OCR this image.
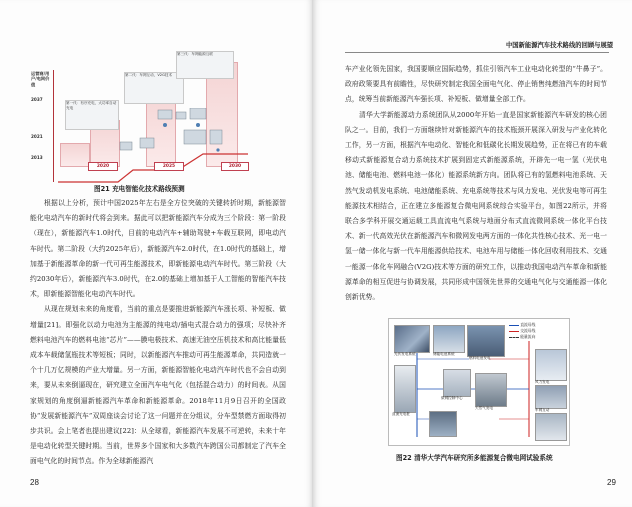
运营商/用户/电网价值
2037
2021
2013
第一代：有序充电，大功率自动充电
第二代：车网互动，V2G技术
第三代：车网能源互联
2020	2025	2030
图21 充电智能化技术路线预测

根据以上分析，预计中国2025年左右是全方位突破的关键转折时期，新能源智能化电动汽车的新时代将会到来。据此可以把新能源汽车分成为三个阶段：第一阶段（现在），新能源汽车1.0时代，目前的电动汽车+辅助驾驶+车载互联网，即电动汽车时代。第二阶段（大约2025年后），新能源汽车2.0时代，在1.0时代的基础上，增加基于新能源革命的新一代可再生能源技术，即新能源电动汽车时代。第三阶段（大约2030年后），新能源汽车3.0时代，在2.0的基础上增加基于人工智能的智能汽车技术，即新能源智能化电动汽车时代。

从现在规划未来的角度看，当前的重点是要推进新能源汽车涨长项、补短板、做增量[21]。即强化以动力电池为主能源的纯电动/插电式混合动力的强项；尽快补齐燃料电池汽车的燃料电池“芯片”——膜电极技术、高速无油空压机技术和高比能量低成本车载储氢瓶技术等短板；同时，以新能源汽车推动可再生能源革命，共同造就一个十几万亿规模的产业大增量。另一方面，新能源智能化电动汽车时代也不会自动到来，要从未来倒逼现在，研究建立全面汽车电气化（包括混合动力）的时间表。从国家规划的角度倒逼新能源汽车革命和新能源革命。2018年11月9日召开的全国政协“发展新能源汽车”双周座谈会讨论了这一问题并在分组议，分车型禁燃方面取得初步共识。会上笔者也提出建议[22]：从全球看，新能源汽车发展不可逆转，未来十年是电动化转型关键时期。当前，世界多个国家和大多数汽车跨国公司都制定了汽车全面电气化的时间节点。作为全球新能源汽

28
中国新能源汽车技术路线的回顾与展望

车产业化领先国家，我国要顺应国际趋势，抓住引领汽车工业电动化转型的“牛鼻子”。政府政策要具有前瞻性，尽快研究制定我国全面电气化、停止销售纯燃油汽车的时间节点，统筹当前新能源汽车强长项、补短板、做增量全部工作。

清华大学新能源动力系统团队从2000年开始一直是国家新能源汽车研发的核心团队之一。目前，我们一方面继续针对新能源汽车的技术瓶颈开展深入研发与产业化转化工作，另一方面，根据汽车电动化、智能化和低碳化长期发展趋势，正在将已有的车载移动式新能源复合动力系统技术扩展到固定式新能源系统，开辟先一电一氢（光伏电池、储能电池、燃料电池一体化）能源系统新方向。团队将已有的氢燃料电池系统、天然气发动机发电系统、电池储能系统、充电系统等技术与风力发电、光伏发电等可再生能源技术相结合，正在建立多能源复合微电网系统综合实验平台，如图22所示，并将联合多学科开展交通运载工具直流电气系统与地面分布式直流微网系统一体化平台技术、新一代高效光伏在新能源汽车和微网发电两方面的一体化共性核心技术、光一电一氢一储一体化与新一代车用能源供给技术、电池车用与储能一体化回收利用技术、交通一能源一体化车网融合(V2G)技术等方面的研究工作，以推动我国电动汽车革命和新能源革命的相互促进与协调发展，共同形成中国领先世界的交通电气化与交通能源一体化创新优势。

29
直流母线
交流母线
能量流向
光伏发电系统	储能电池系统
燃料电池发电
微网控制中心
直流充电桩
天然气发电
风力发电
车网互动
图22 清华大学汽车研究所多能源复合微电网试验系统
